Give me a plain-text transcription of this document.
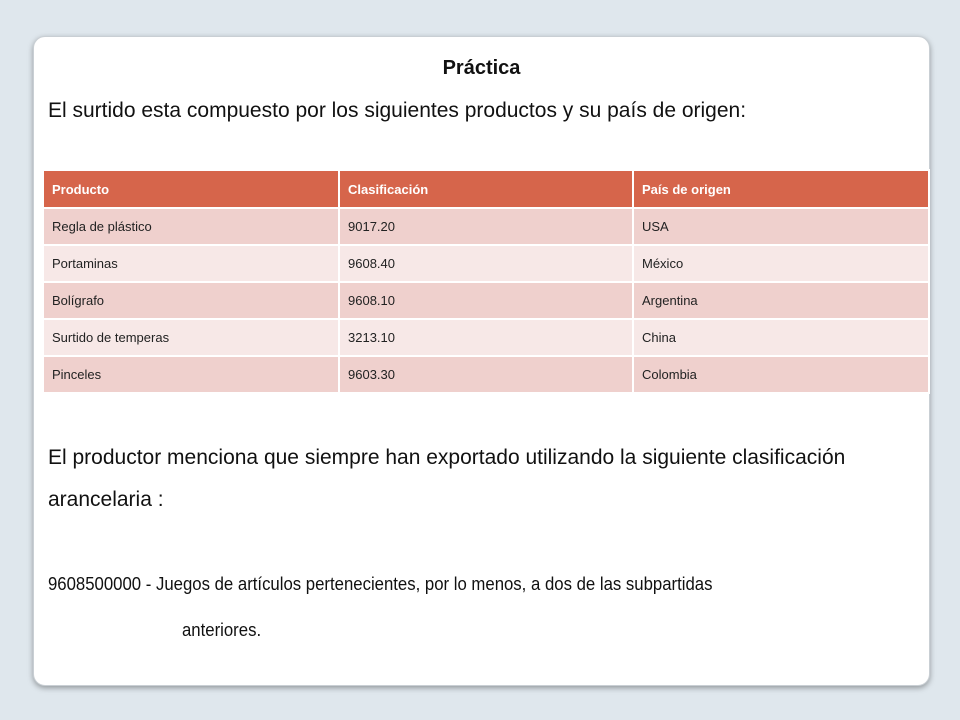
Práctica
El surtido esta compuesto por los siguientes productos y su país de origen:
Producto	Clasificación	País de origen
Regla de plástico	9017.20	USA
Portaminas	9608.40	México
Bolígrafo	9608.10	Argentina
Surtido de temperas	3213.10	China
Pinceles	9603.30	Colombia
El productor menciona que siempre han exportado utilizando la siguiente clasificación arancelaria :
9608500000 - Juegos de artículos pertenecientes, por lo menos, a dos de las subpartidas
anteriores.
